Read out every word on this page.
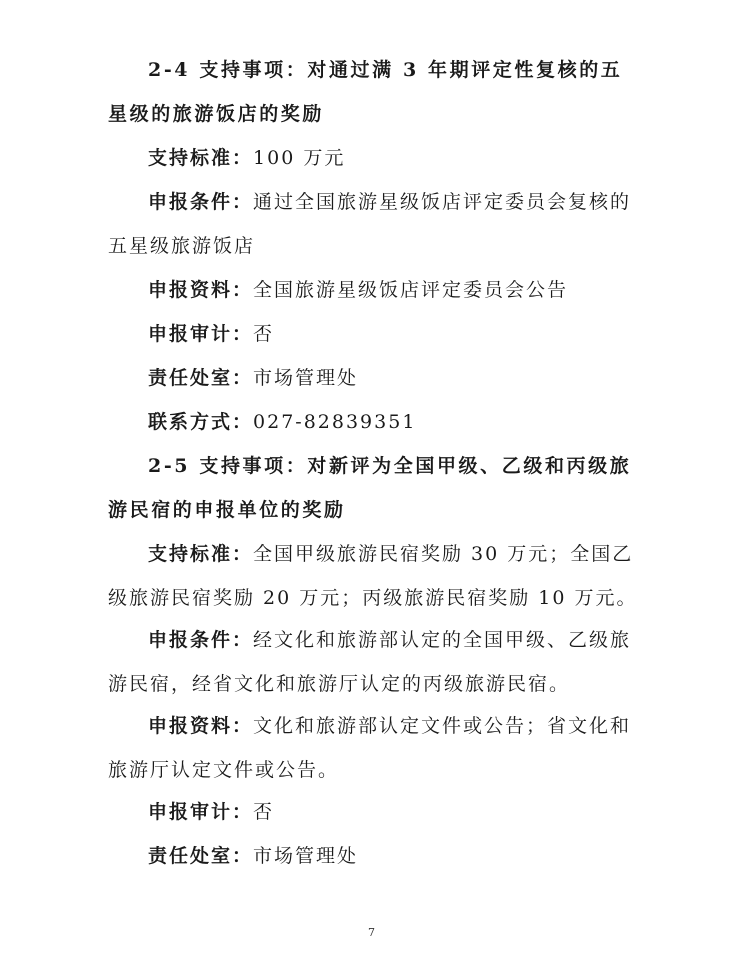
2-4 支持事项：对通过满 3 年期评定性复核的五星级的旅游饭店的奖励

支持标准：100 万元

申报条件：通过全国旅游星级饭店评定委员会复核的五星级旅游饭店

申报资料：全国旅游星级饭店评定委员会公告

申报审计：否

责任处室：市场管理处

联系方式：027-82839351

2-5 支持事项：对新评为全国甲级、乙级和丙级旅游民宿的申报单位的奖励

支持标准：全国甲级旅游民宿奖励 30 万元；全国乙级旅游民宿奖励 20 万元；丙级旅游民宿奖励 10 万元。

申报条件：经文化和旅游部认定的全国甲级、乙级旅游民宿，经省文化和旅游厅认定的丙级旅游民宿。

申报资料：文化和旅游部认定文件或公告；省文化和旅游厅认定文件或公告。

申报审计：否

责任处室：市场管理处

7
